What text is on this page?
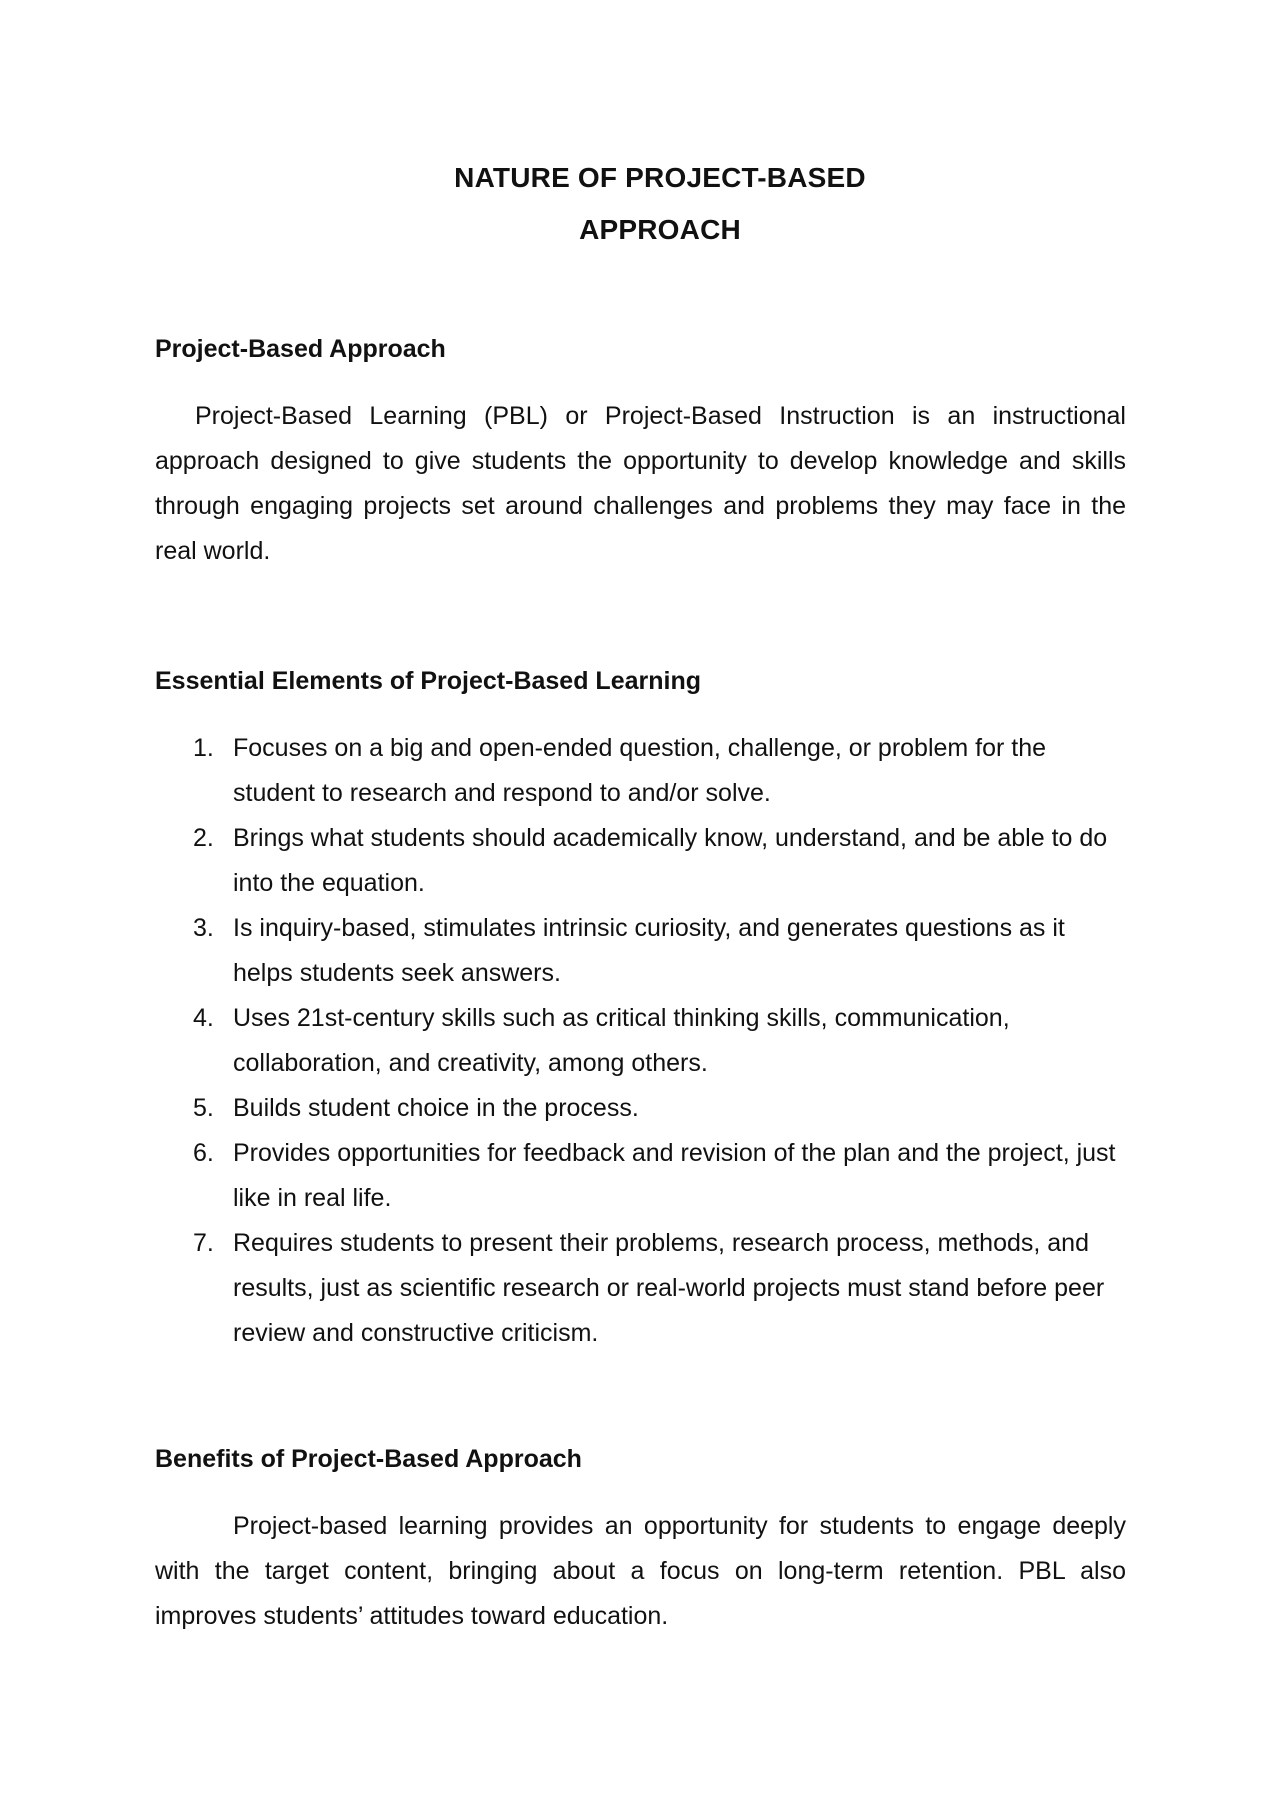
NATURE OF PROJECT-BASED
APPROACH
Project-Based Approach

Project-Based Learning (PBL) or Project-Based Instruction is an instructional approach designed to give students the opportunity to develop knowledge and skills through engaging projects set around challenges and problems they may face in the real world.

Essential Elements of Project-Based Learning
1. Focuses on a big and open-ended question, challenge, or problem for the student to research and respond to and/or solve.
2. Brings what students should academically know, understand, and be able to do into the equation.
3. Is inquiry-based, stimulates intrinsic curiosity, and generates questions as it helps students seek answers.
4. Uses 21st-century skills such as critical thinking skills, communication, collaboration, and creativity, among others.
5. Builds student choice in the process.
6. Provides opportunities for feedback and revision of the plan and the project, just like in real life.
7. Requires students to present their problems, research process, methods, and results, just as scientific research or real-world projects must stand before peer review and constructive criticism.
Benefits of Project-Based Approach

Project-based learning provides an opportunity for students to engage deeply with the target content, bringing about a focus on long-term retention. PBL also improves students’ attitudes toward education.
